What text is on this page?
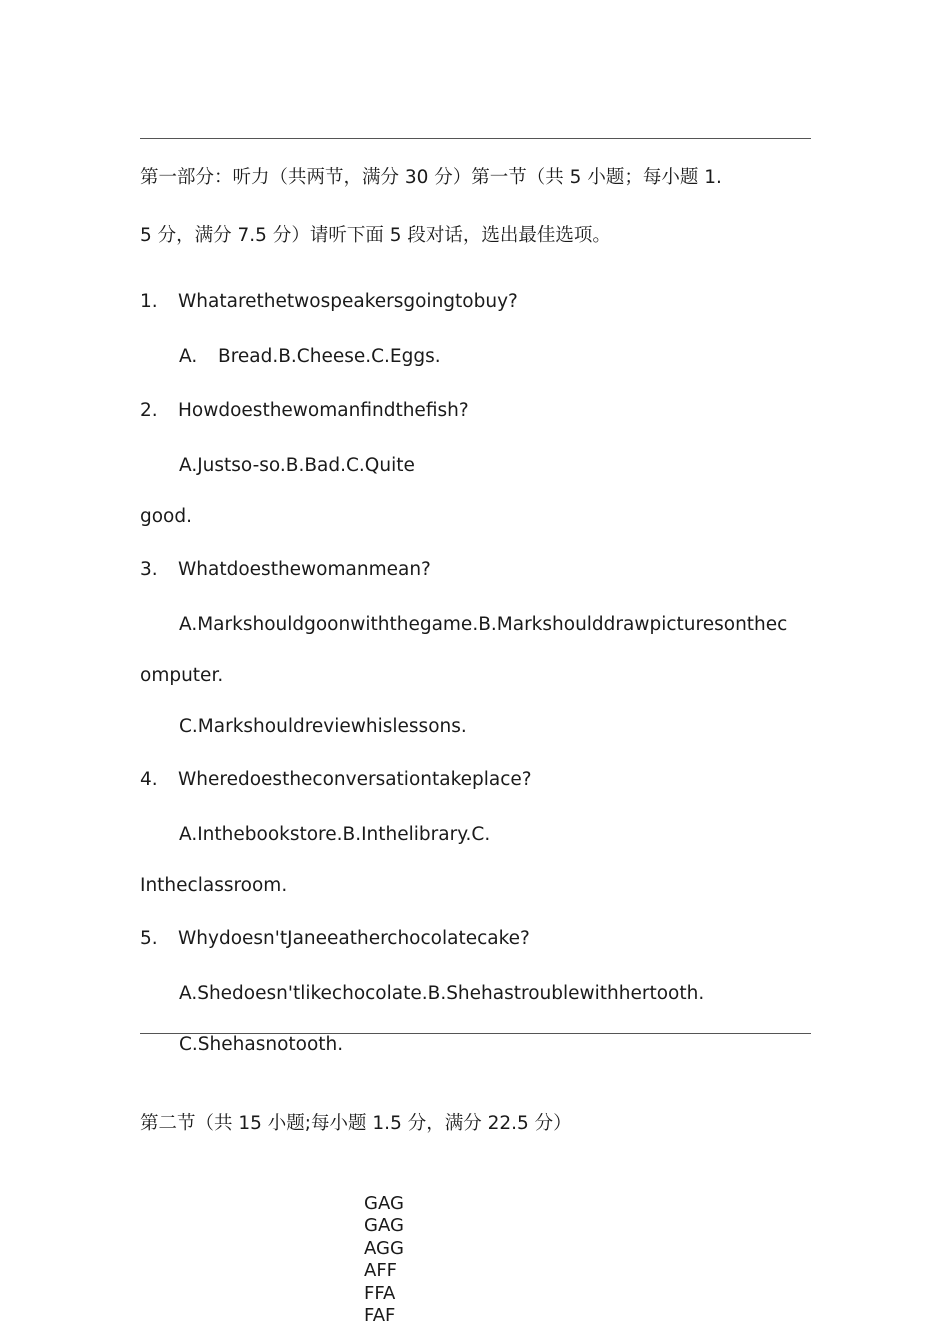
第一部分：听力（共两节，满分 30 分）第一节（共 5 小题；每小题 1.
5 分，满分 7.5 分）请听下面 5 段对话，选出最佳选项。
1. Whatarethetwospeakersgoingtobuy?
A. Bread.B.Cheese.C.Eggs.
2. Howdoesthewomanfindthefish?
A.Justso-so.B.Bad.C.Quite
good.
3. Whatdoesthewomanmean?
A.Markshouldgoonwiththegame.B.Markshoulddrawpicturesonthec
omputer.
C.Markshouldreviewhislessons.
4. Wheredoestheconversationtakeplace?
A.Inthebookstore.B.Inthelibrary.C.
Intheclassroom.
5. Whydoesn'tJaneeatherchocolatecake?
A.Shedoesn'tlikechocolate.B.Shehastroublewithhertooth.
C.Shehasnotooth.
第二节（共 15 小题;每小题 1.5 分，满分 22.5 分）
GAG
GAG
AGG
AFF
FFA
FAF
